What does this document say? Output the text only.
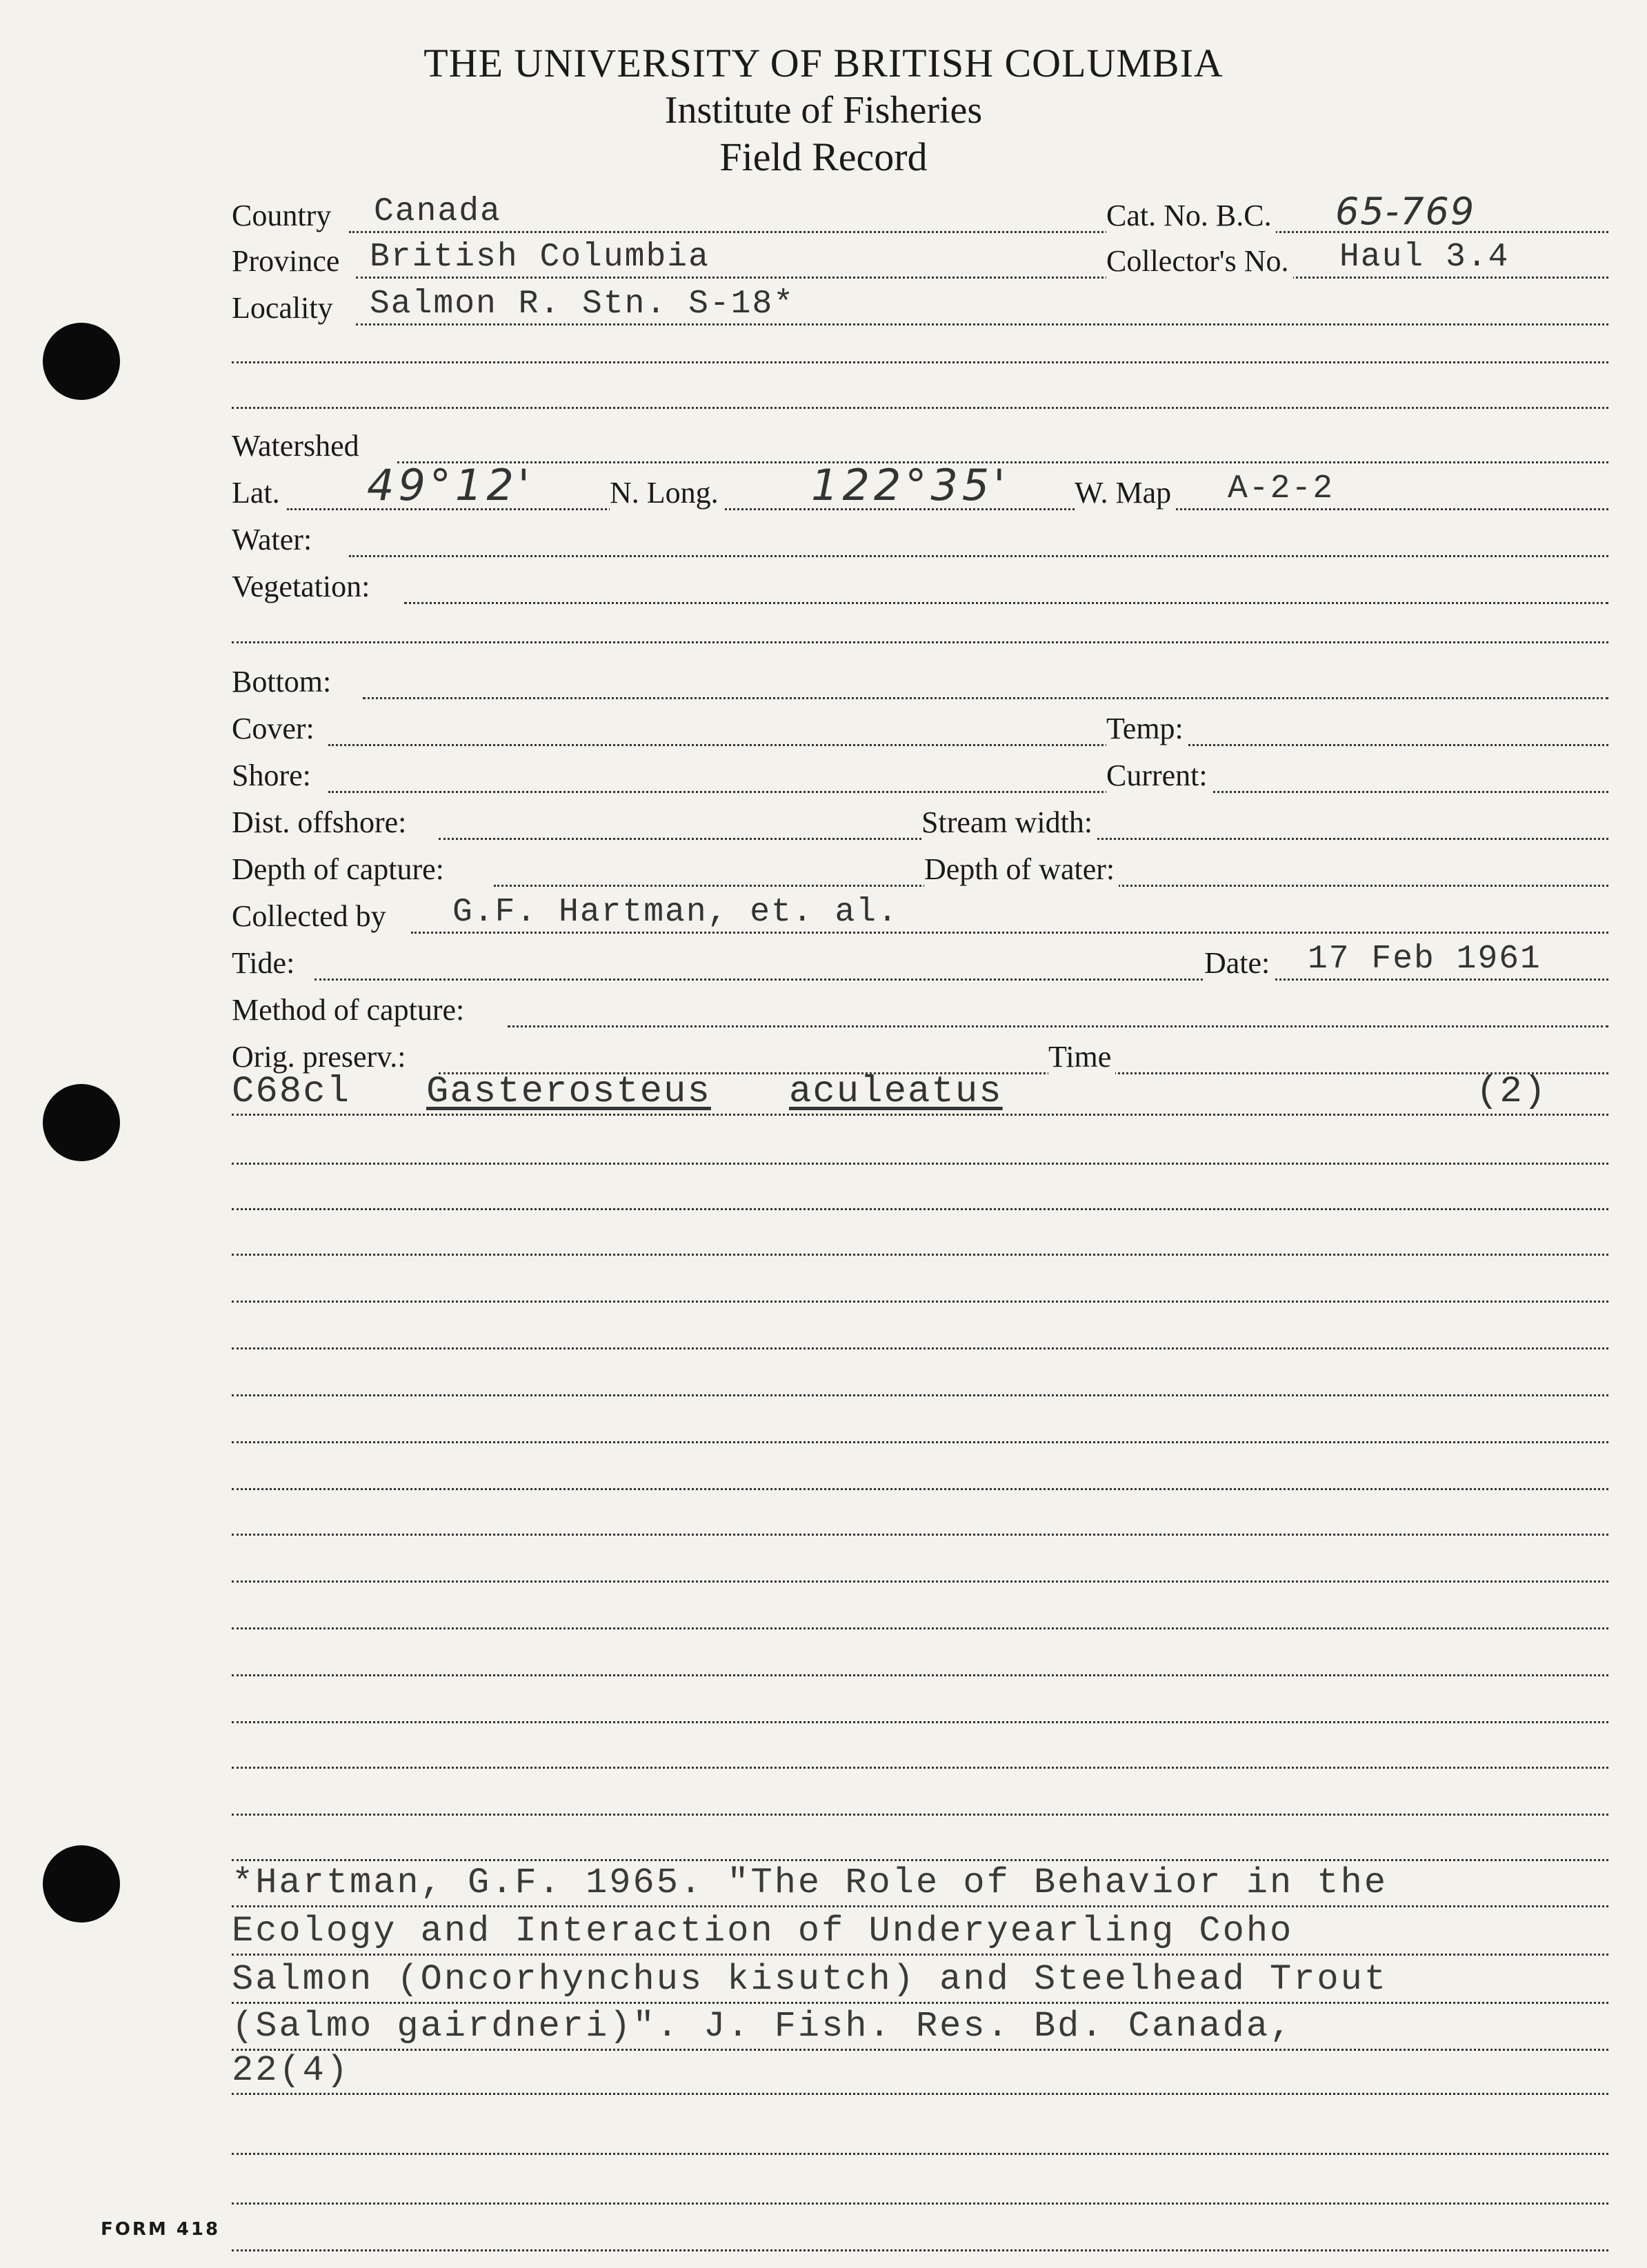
THE UNIVERSITY OF BRITISH COLUMBIA
Institute of Fisheries
Field Record
Country Canada	Cat. No. B.C. 65-769
Province British Columbia	Collector's No. Haul 3.4
Locality Salmon R. Stn. S-18*
Watershed
Lat. 49°12'	N. Long. 122°35' W. Map A-2-2
Water:
Vegetation:
Bottom:
Cover:	Temp:
Shore:	Current:
Dist. offshore:	Stream width:
Depth of capture:	Depth of water:
Collected by G.F. Hartman, et. al.
Tide:	Date: 17 Feb 1961
Method of capture:
Orig. preserv.:	Time
C68cl Gasterosteus aculeatus	(2)
*Hartman, G.F. 1965. "The Role of Behavior in the
Ecology and Interaction of Underyearling Coho
Salmon (Oncorhynchus kisutch) and Steelhead Trout
(Salmo gairdneri)". J. Fish. Res. Bd. Canada,
22(4)
FORM 418
